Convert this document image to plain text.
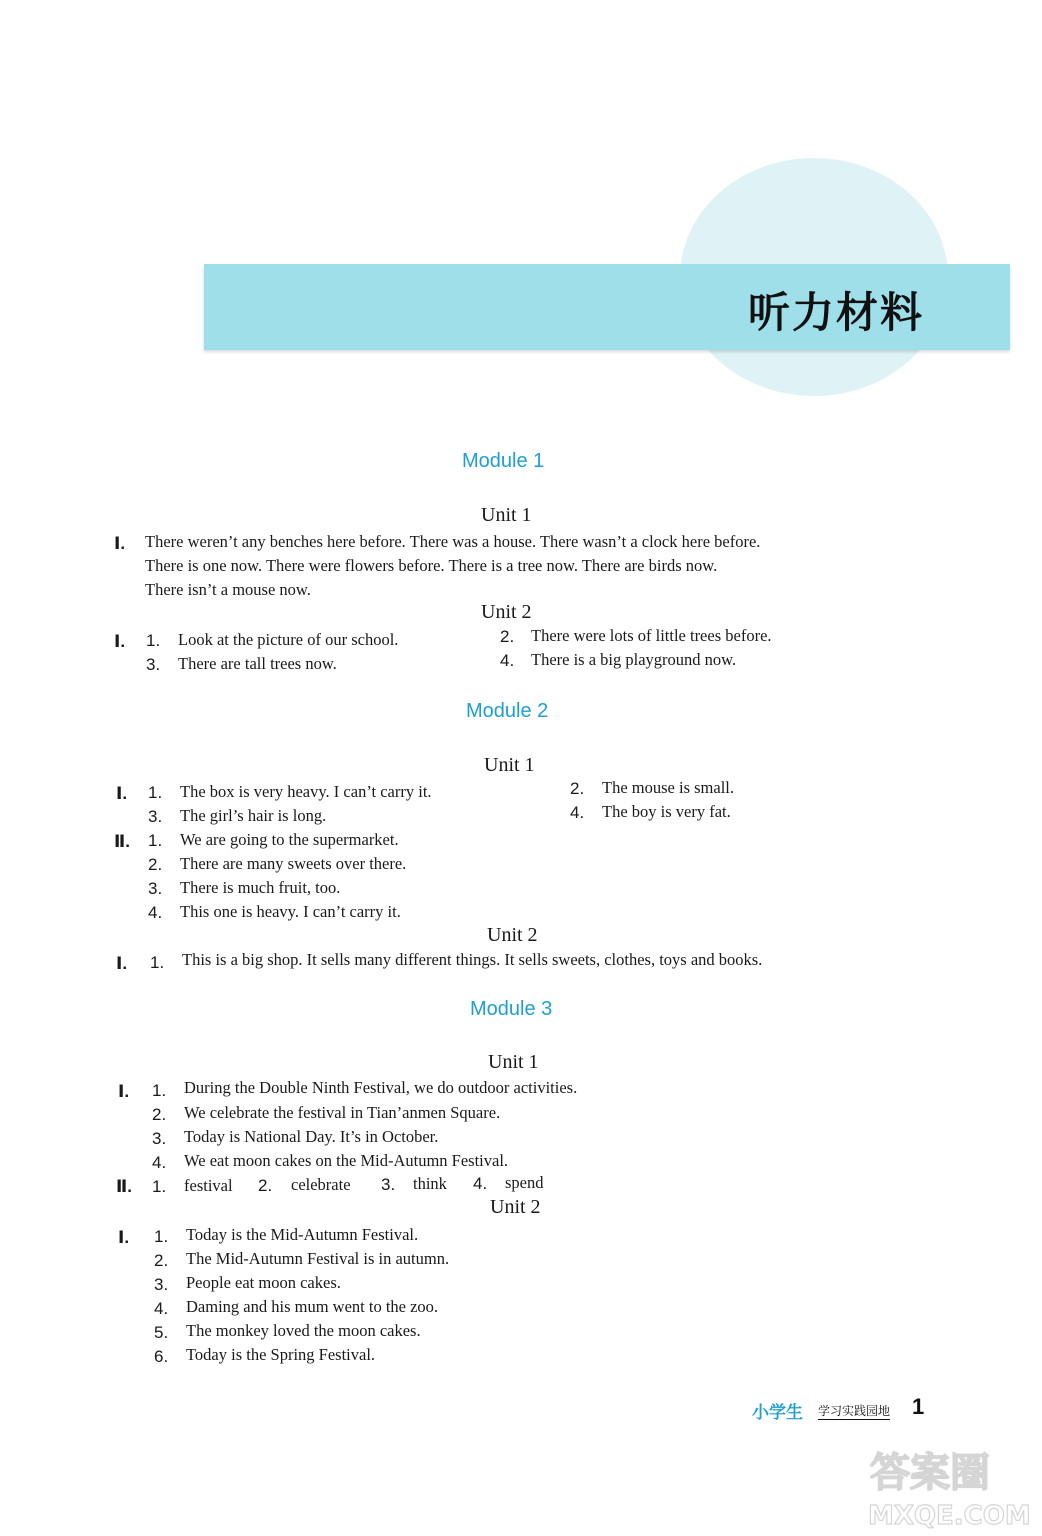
听力材料
Module 1
Unit 1
Ⅰ. There weren’t any benches here before. There was a house. There wasn’t a clock here before.
There is one now. There were flowers before. There is a tree now. There are birds now.
There isn’t a mouse now.
Unit 2
Ⅰ. 1. Look at the picture of our school.	2. There were lots of little trees before.
3. There are tall trees now.	4. There is a big playground now.
Module 2
Unit 1
Ⅰ. 1. The box is very heavy. I can’t carry it.	2. The mouse is small.
3. The girl’s hair is long.	4. The boy is very fat.
Ⅱ. 1. We are going to the supermarket.
2. There are many sweets over there.
3. There is much fruit, too.
4. This one is heavy. I can’t carry it.
Unit 2
Ⅰ. 1. This is a big shop. It sells many different things. It sells sweets, clothes, toys and books.
Module 3
Unit 1
Ⅰ. 1. During the Double Ninth Festival, we do outdoor activities.
2. We celebrate the festival in Tian’anmen Square.
3. Today is National Day. It’s in October.
4. We eat moon cakes on the Mid-Autumn Festival.
Ⅱ. 1. festival 2. celebrate 3. think 4. spend
Unit 2
Ⅰ. 1. Today is the Mid-Autumn Festival.
2. The Mid-Autumn Festival is in autumn.
3. People eat moon cakes.
4. Daming and his mum went to the zoo.
5. The monkey loved the moon cakes.
6. Today is the Spring Festival.
小学生 学习实践园地 1
答案圈
MXQE.COM
